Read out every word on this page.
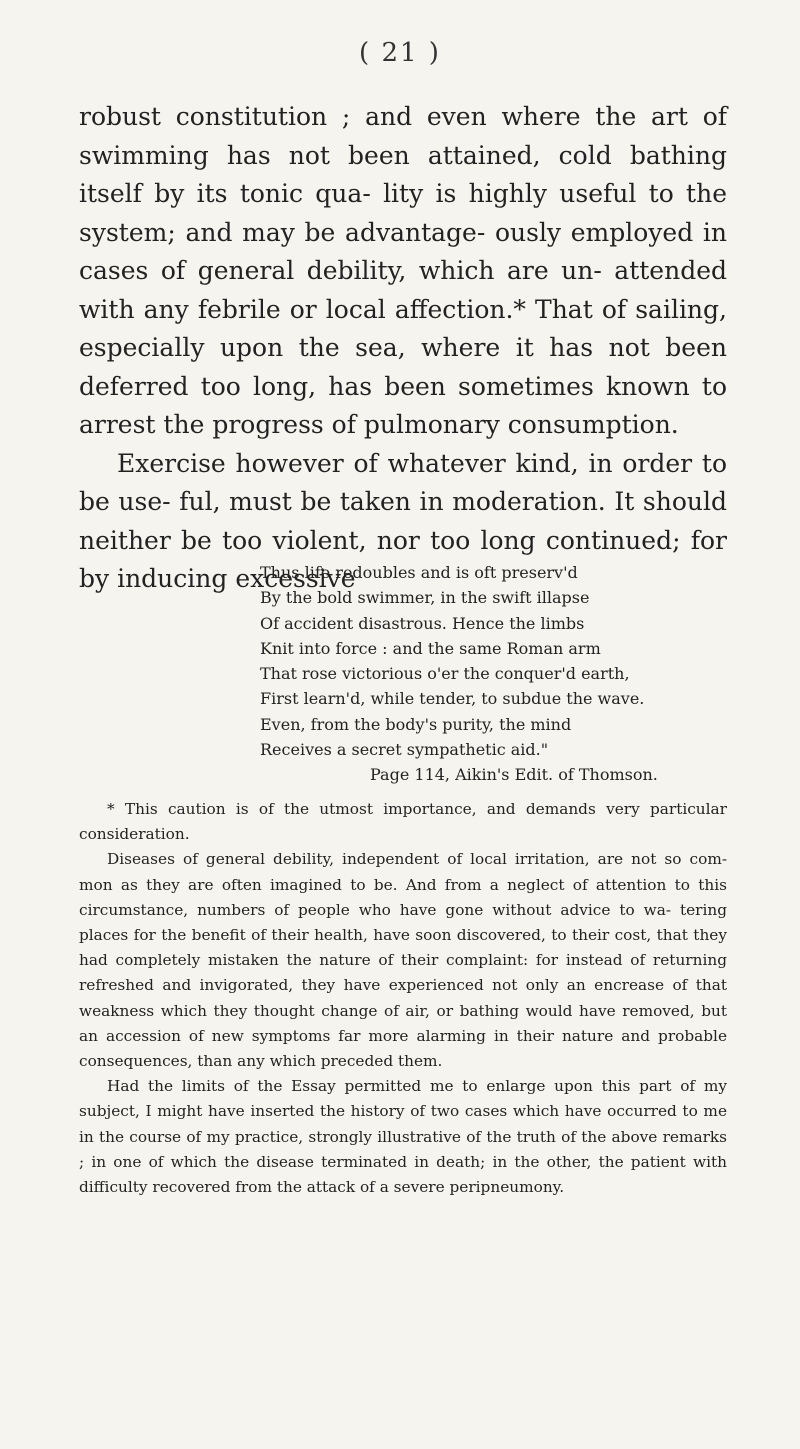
( 21 )

robust constitution ; and even where the art of swimming has not been attained, cold bathing itself by its tonic qua- lity is highly useful to the system; and may be advantage- ously employed in cases of general debility, which are un- attended with any febrile or local affection.* That of sailing, especially upon the sea, where it has not been deferred too long, has been sometimes known to arrest the progress of pulmonary consumption.

Exercise however of whatever kind, in order to be use- ful, must be taken in moderation. It should neither be too violent, nor too long continued; for by inducing excessive

Thus life redoubles and is oft preserv'd
By the bold swimmer, in the swift illapse
Of accident disastrous. Hence the limbs
Knit into force : and the same Roman arm
That rose victorious o'er the conquer'd earth,
First learn'd, while tender, to subdue the wave.
Even, from the body's purity, the mind
Receives a secret sympathetic aid."
Page 114, Aikin's Edit. of Thomson.

* This caution is of the utmost importance, and demands very particular consideration.

Diseases of general debility, independent of local irritation, are not so com- mon as they are often imagined to be. And from a neglect of attention to this circumstance, numbers of people who have gone without advice to wa- tering places for the benefit of their health, have soon discovered, to their cost, that they had completely mistaken the nature of their complaint: for instead of returning refreshed and invigorated, they have experienced not only an encrease of that weakness which they thought change of air, or bathing would have removed, but an accession of new symptoms far more alarming in their nature and probable consequences, than any which preceded them.

Had the limits of the Essay permitted me to enlarge upon this part of my subject, I might have inserted the history of two cases which have occurred to me in the course of my practice, strongly illustrative of the truth of the above remarks ; in one of which the disease terminated in death; in the other, the patient with difficulty recovered from the attack of a severe peripneumony.
